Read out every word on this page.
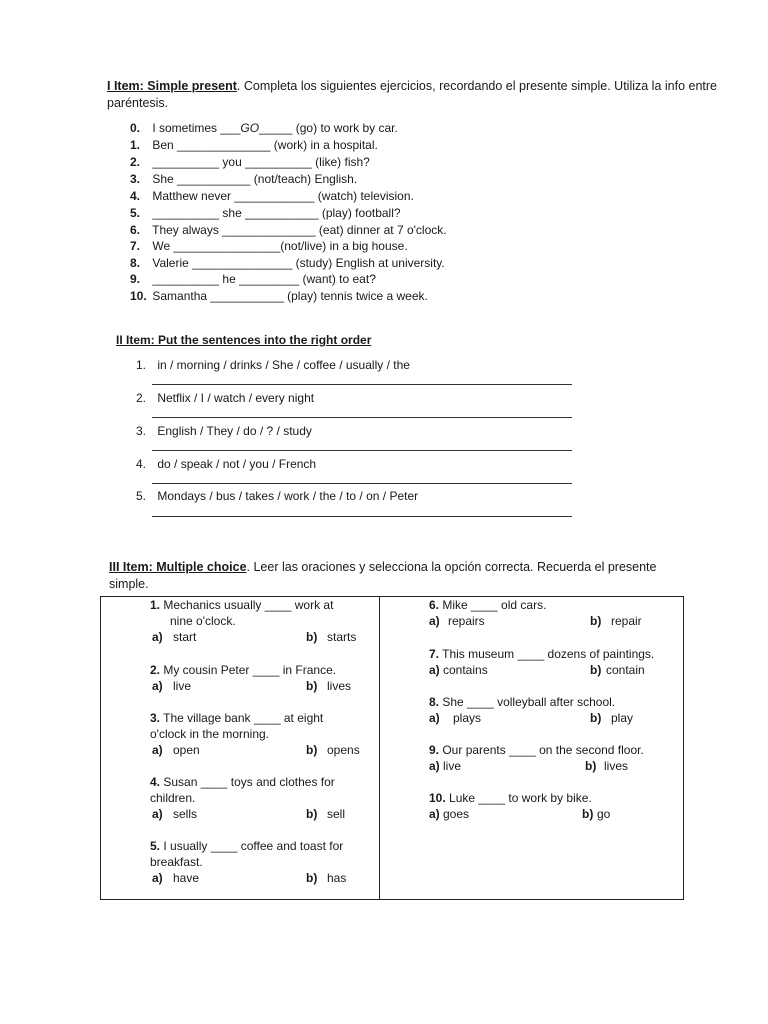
I Item: Simple present. Completa los siguientes ejercicios, recordando el presente simple. Utiliza la info entre
paréntesis.
0. I sometimes ___GO_____ (go) to work by car.
1. Ben ______________ (work) in a hospital.
2. __________ you __________ (like) fish?
3. She ___________ (not/teach) English.
4. Matthew never ____________ (watch) television.
5. __________ she ___________ (play) football?
6. They always ______________ (eat) dinner at 7 o'clock.
7. We ________________(not/live) in a big house.
8. Valerie _______________ (study) English at university.
9. __________ he _________ (want) to eat?
10. Samantha ___________ (play) tennis twice a week.
II Item: Put the sentences into the right order
1. in / morning / drinks / She / coffee / usually / the
2. Netflix / I / watch / every night
3. English / They / do / ? / study
4. do / speak / not / you / French
5. Mondays / bus / takes / work / the / to / on / Peter
III Item: Multiple choice. Leer las oraciones y selecciona la opción correcta. Recuerda el presente
simple.
1. Mechanics usually ____ work at
nine o'clock.
a) start	b) starts
2. My cousin Peter ____ in France.
a) live	b) lives
3. The village bank ____ at eight
o'clock in the morning.
a) open	b) opens
4. Susan ____ toys and clothes for
children.
a) sells	b) sell
5. I usually ____ coffee and toast for
breakfast.
a) have	b) has
6. Mike ____ old cars.
a) repairs	b) repair
7. This museum ____ dozens of paintings.
a) contains	b) contain
8. She ____ volleyball after school.
a) plays	b) play
9. Our parents ____ on the second floor.
a) live	b) lives
10. Luke ____ to work by bike.
a) goes	b) go
